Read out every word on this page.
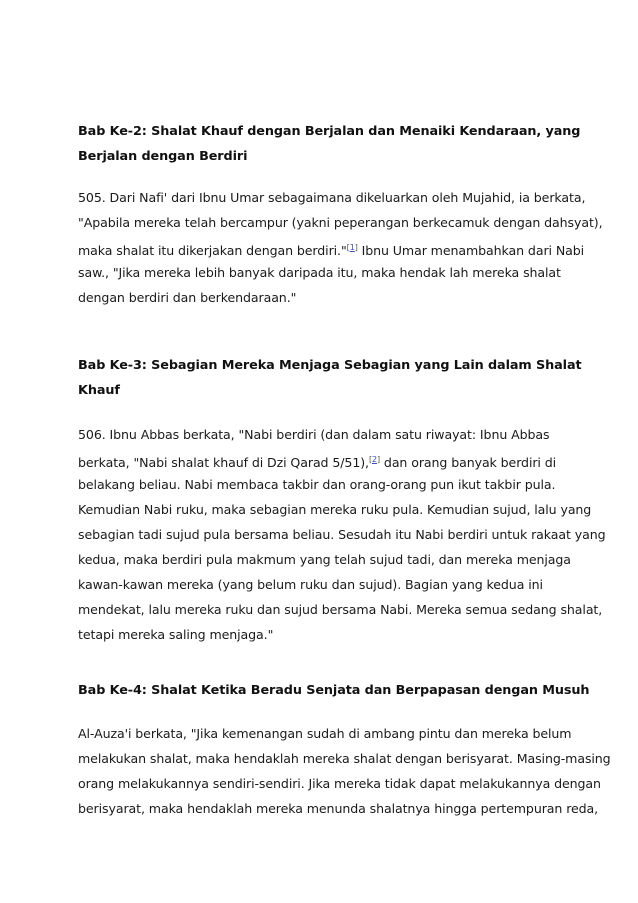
Bab Ke-2: Shalat Khauf dengan Berjalan dan Menaiki Kendaraan, yang
Berjalan dengan Berdiri
505. Dari Nafi' dari Ibnu Umar sebagaimana dikeluarkan oleh Mujahid, ia berkata,
"Apabila mereka telah bercampur (yakni peperangan berkecamuk dengan dahsyat),
maka shalat itu dikerjakan dengan berdiri."[1] Ibnu Umar menambahkan dari Nabi
saw., "Jika mereka lebih banyak daripada itu, maka hendak lah mereka shalat
dengan berdiri dan berkendaraan."
Bab Ke-3: Sebagian Mereka Menjaga Sebagian yang Lain dalam Shalat
Khauf
506. Ibnu Abbas berkata, "Nabi berdiri (dan dalam satu riwayat: Ibnu Abbas
berkata, "Nabi shalat khauf di Dzi Qarad 5/51),[2] dan orang banyak berdiri di
belakang beliau. Nabi membaca takbir dan orang-orang pun ikut takbir pula.
Kemudian Nabi ruku, maka sebagian mereka ruku pula. Kemudian sujud, lalu yang
sebagian tadi sujud pula bersama beliau. Sesudah itu Nabi berdiri untuk rakaat yang
kedua, maka berdiri pula makmum yang telah sujud tadi, dan mereka menjaga
kawan-kawan mereka (yang belum ruku dan sujud). Bagian yang kedua ini
mendekat, lalu mereka ruku dan sujud bersama Nabi. Mereka semua sedang shalat,
tetapi mereka saling menjaga."
Bab Ke-4: Shalat Ketika Beradu Senjata dan Berpapasan dengan Musuh
Al-Auza'i berkata, "Jika kemenangan sudah di ambang pintu dan mereka belum
melakukan shalat, maka hendaklah mereka shalat dengan berisyarat. Masing-masing
orang melakukannya sendiri-sendiri. Jika mereka tidak dapat melakukannya dengan
berisyarat, maka hendaklah mereka menunda shalatnya hingga pertempuran reda,
